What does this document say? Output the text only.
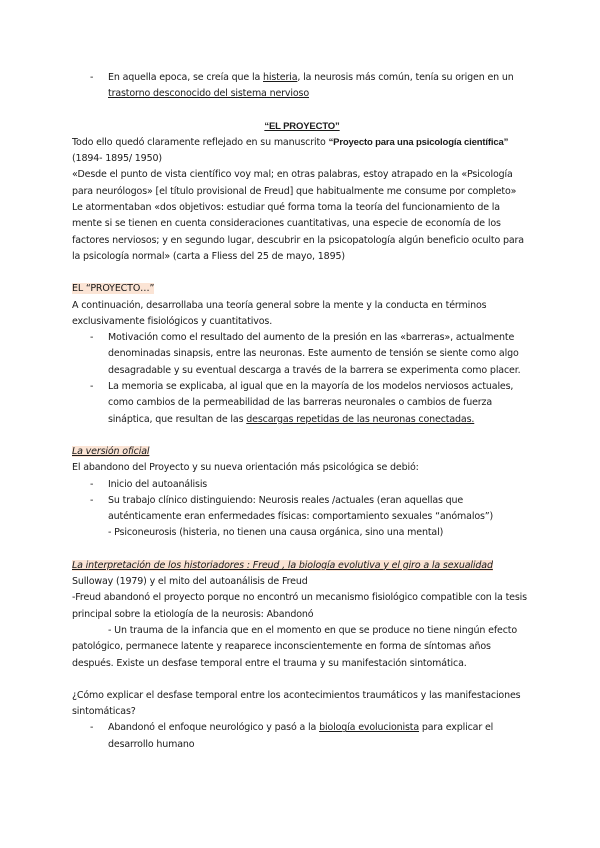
- En aquella epoca, se creía que la histeria, la neurosis más común, tenía su origen en un trastorno desconocido del sistema nervioso

“EL PROYECTO”

Todo ello quedó claramente reflejado en su manuscrito “Proyecto para una psicología científica” (1894- 1895/ 1950)

«Desde el punto de vista científico voy mal; en otras palabras, estoy atrapado en la «Psicología para neurólogos» [el título provisional de Freud] que habitualmente me consume por completo»

Le atormentaban «dos objetivos: estudiar qué forma toma la teoría del funcionamiento de la mente si se tienen en cuenta consideraciones cuantitativas, una especie de economía de los factores nerviosos; y en segundo lugar, descubrir en la psicopatología algún beneficio oculto para la psicología normal» (carta a Fliess del 25 de mayo, 1895)

EL “PROYECTO…”

A continuación, desarrollaba una teoría general sobre la mente y la conducta en términos exclusivamente fisiológicos y cuantitativos.

- Motivación como el resultado del aumento de la presión en las «barreras», actualmente denominadas sinapsis, entre las neuronas. Este aumento de tensión se siente como algo desagradable y su eventual descarga a través de la barrera se experimenta como placer.
- La memoria se explicaba, al igual que en la mayoría de los modelos nerviosos actuales, como cambios de la permeabilidad de las barreras neuronales o cambios de fuerza sináptica, que resultan de las descargas repetidas de las neuronas conectadas.

La versión oficial

El abandono del Proyecto y su nueva orientación más psicológica se debió:

- Inicio del autoanálisis
- Su trabajo clínico distinguiendo: Neurosis reales /actuales (eran aquellas que auténticamente eran enfermedades físicas: comportamiento sexuales “anómalos”)

- Psiconeurosis (histeria, no tienen una causa orgánica, sino una mental)

La interpretación de los historiadores : Freud , la biología evolutiva y el giro a la sexualidad

Sulloway (1979) y el mito del autoanálisis de Freud

-Freud abandonó el proyecto porque no encontró un mecanismo fisiológico compatible con la tesis principal sobre la etiología de la neurosis: Abandonó

- Un trauma de la infancia que en el momento en que se produce no tiene ningún efecto patológico, permanece latente y reaparece inconscientemente en forma de síntomas años después. Existe un desfase temporal entre el trauma y su manifestación sintomática.

¿Cómo explicar el desfase temporal entre los acontecimientos traumáticos y las manifestaciones sintomáticas?

- Abandonó el enfoque neurológico y pasó a la biología evolucionista para explicar el desarrollo humano
